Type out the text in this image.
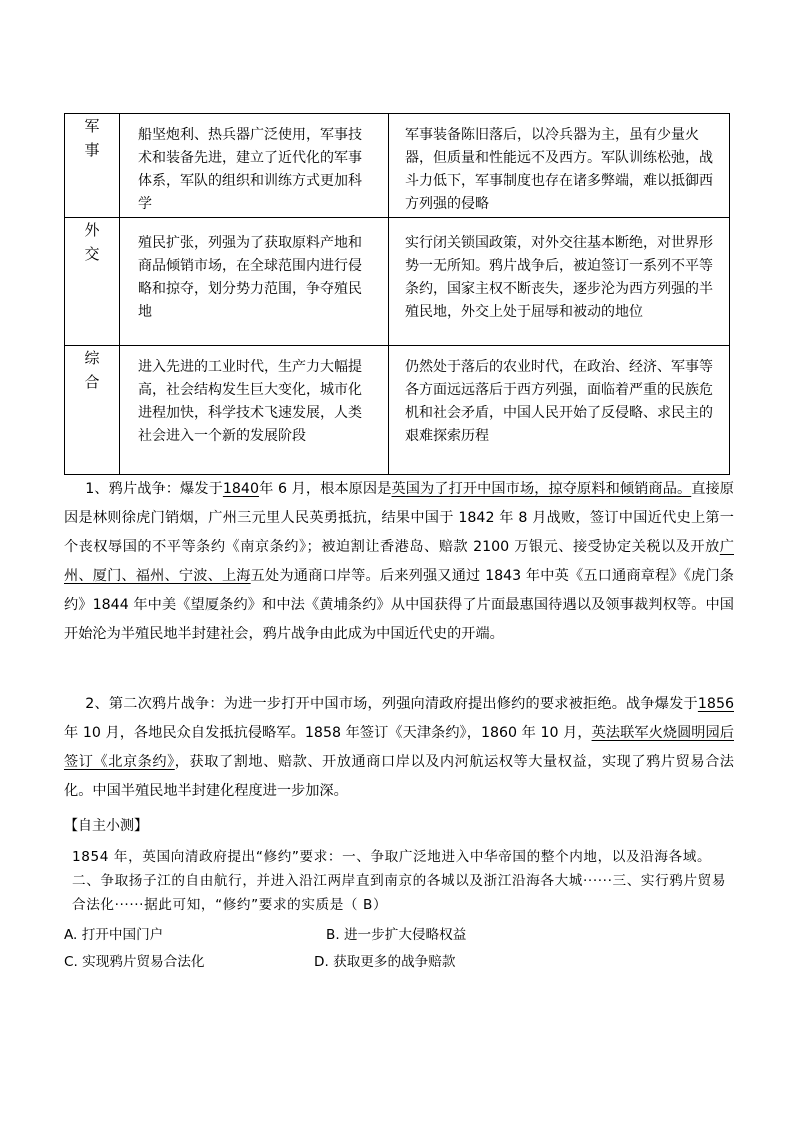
军
事	船坚炮利、热兵器广泛使用，军事技术和装备先进，建立了近代化的军事体系，军队的组织和训练方式更加科学	军事装备陈旧落后，以冷兵器为主，虽有少量火器，但质量和性能远不及西方。军队训练松弛，战斗力低下，军事制度也存在诸多弊端，难以抵御西方列强的侵略

外
交	殖民扩张，列强为了获取原料产地和商品倾销市场，在全球范围内进行侵略和掠夺，划分势力范围，争夺殖民地	实行闭关锁国政策，对外交往基本断绝，对世界形势一无所知。鸦片战争后，被迫签订一系列不平等条约，国家主权不断丧失，逐步沦为西方列强的半殖民地，外交上处于屈辱和被动的地位

综
合	进入先进的工业时代，生产力大幅提高，社会结构发生巨大变化，城市化进程加快，科学技术飞速发展，人类社会进入一个新的发展阶段	仍然处于落后的农业时代，在政治、经济、军事等各方面远远落后于西方列强，面临着严重的民族危机和社会矛盾，中国人民开始了反侵略、求民主的艰难探索历程
  1、鸦片战争：爆发于1840年 6 月，根本原因是英国为了打开中国市场，掠夺原料和倾销商品。直接原因是林则徐虎门销烟，广州三元里人民英勇抵抗，结果中国于 1842 年 8 月战败，签订中国近代史上第一个丧权辱国的不平等条约《南京条约》；被迫割让香港岛、赔款 2100 万银元、接受协定关税以及开放广州、厦门、福州、宁波、上海五处为通商口岸等。后来列强又通过 1843 年中英《五口通商章程》《虎门条约》1844 年中美《望厦条约》和中法《黄埔条约》从中国获得了片面最惠国待遇以及领事裁判权等。中国开始沦为半殖民地半封建社会，鸦片战争由此成为中国近代史的开端。
  2、第二次鸦片战争：为进一步打开中国市场，列强向清政府提出修约的要求被拒绝。战争爆发于1856年 10 月，各地民众自发抵抗侵略军。1858 年签订《天津条约》，1860 年 10 月，英法联军火烧圆明园后签订《北京条约》，获取了割地、赔款、开放通商口岸以及内河航运权等大量权益，实现了鸦片贸易合法化。中国半殖民地半封建化程度进一步加深。
【自主小测】
1854 年，英国向清政府提出“修约”要求：一、争取广泛地进入中华帝国的整个内地，以及沿海各域。二、争取扬子江的自由航行，并进入沿江两岸直到南京的各城以及浙江沿海各大城······三、实行鸦片贸易合法化······据此可知，“修约”要求的实质是（ B）
A. 打开中国门户	B. 进一步扩大侵略权益
C. 实现鸦片贸易合法化	D. 获取更多的战争赔款
